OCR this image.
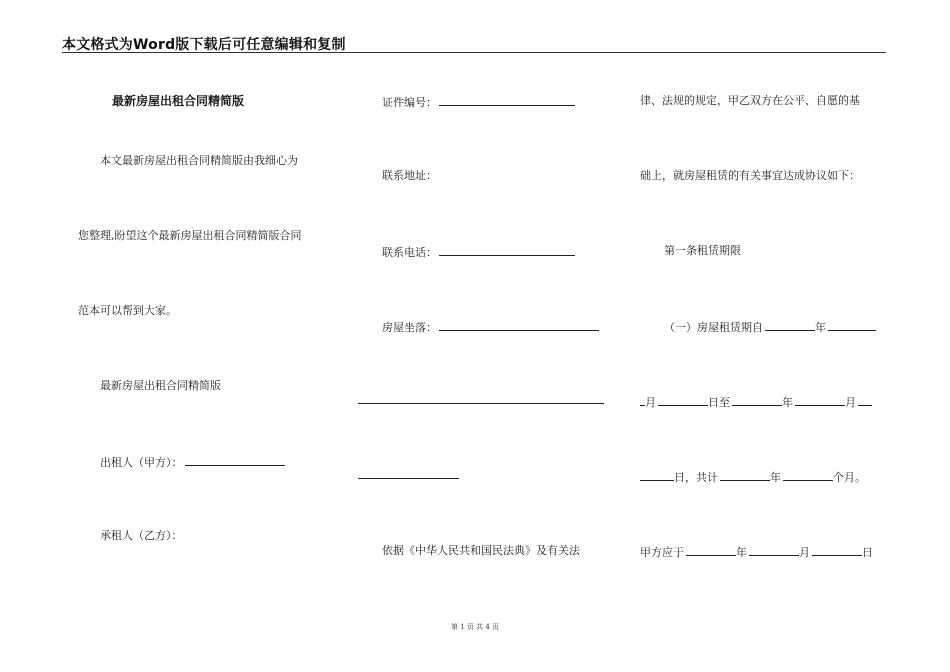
本文格式为Word版下载后可任意编辑和复制
最新房屋出租合同精简版
本文最新房屋出租合同精简版由我细心为
您整理,盼望这个最新房屋出租合同精简版合同
范本可以帮到大家。
最新房屋出租合同精简版
出租人（甲方）：
承租人（乙方）：
证件编号：
联系地址：
联系电话：
房屋坐落：
依据《中华人民共和国民法典》及有关法
律、法规的规定，甲乙双方在公平、自愿的基
础上，就房屋租赁的有关事宜达成协议如下：
第一条租赁期限
（一）房屋租赁期自	年
月	日至	年	月
日，共计	年	个月。
甲方应于	年	月	日
第 1 页 共 4 页
